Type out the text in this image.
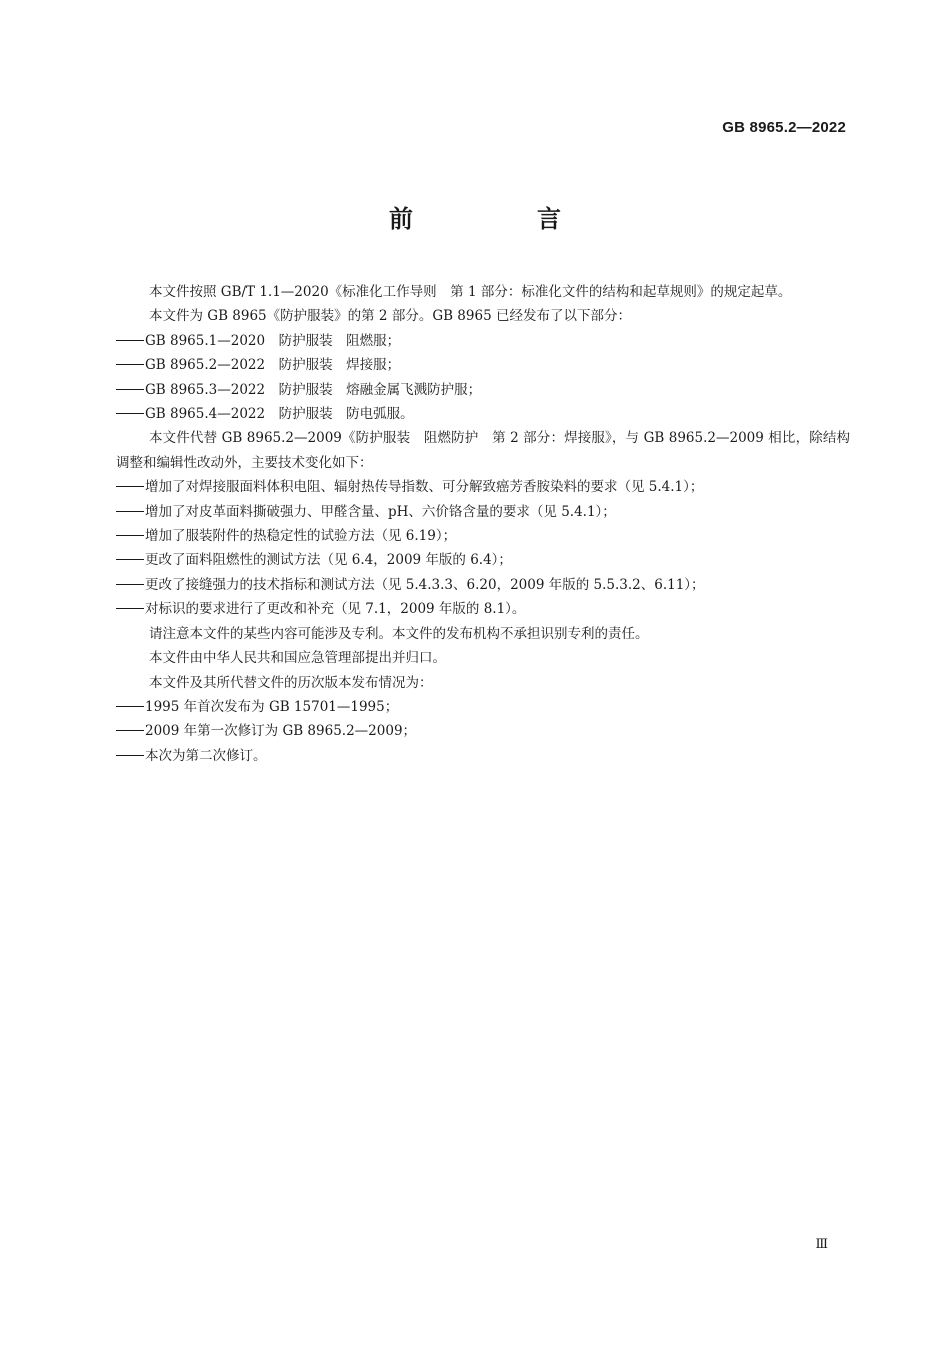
GB 8965.2—2022
前　言

本文件按照 GB/T 1.1—2020《标准化工作导则　第 1 部分：标准化文件的结构和起草规则》的规定起草。

本文件为 GB 8965《防护服装》的第 2 部分。GB 8965 已经发布了以下部分：

GB 8965.1—2020　防护服装　阻燃服；

GB 8965.2—2022　防护服装　焊接服；

GB 8965.3—2022　防护服装　熔融金属飞溅防护服；

GB 8965.4—2022　防护服装　防电弧服。

本文件代替 GB 8965.2—2009《防护服装　阻燃防护　第 2 部分：焊接服》，与 GB 8965.2—2009 相比，除结构调整和编辑性改动外，主要技术变化如下：

增加了对焊接服面料体积电阻、辐射热传导指数、可分解致癌芳香胺染料的要求（见 5.4.1）；

增加了对皮革面料撕破强力、甲醛含量、pH、六价铬含量的要求（见 5.4.1）；

增加了服装附件的热稳定性的试验方法（见 6.19）；

更改了面料阻燃性的测试方法（见 6.4，2009 年版的 6.4）；

更改了接缝强力的技术指标和测试方法（见 5.4.3.3、6.20，2009 年版的 5.5.3.2、6.11）；

对标识的要求进行了更改和补充（见 7.1，2009 年版的 8.1）。

请注意本文件的某些内容可能涉及专利。本文件的发布机构不承担识别专利的责任。

本文件由中华人民共和国应急管理部提出并归口。

本文件及其所代替文件的历次版本发布情况为：

1995 年首次发布为 GB 15701—1995；

2009 年第一次修订为 GB 8965.2—2009；

本次为第二次修订。

Ⅲ
